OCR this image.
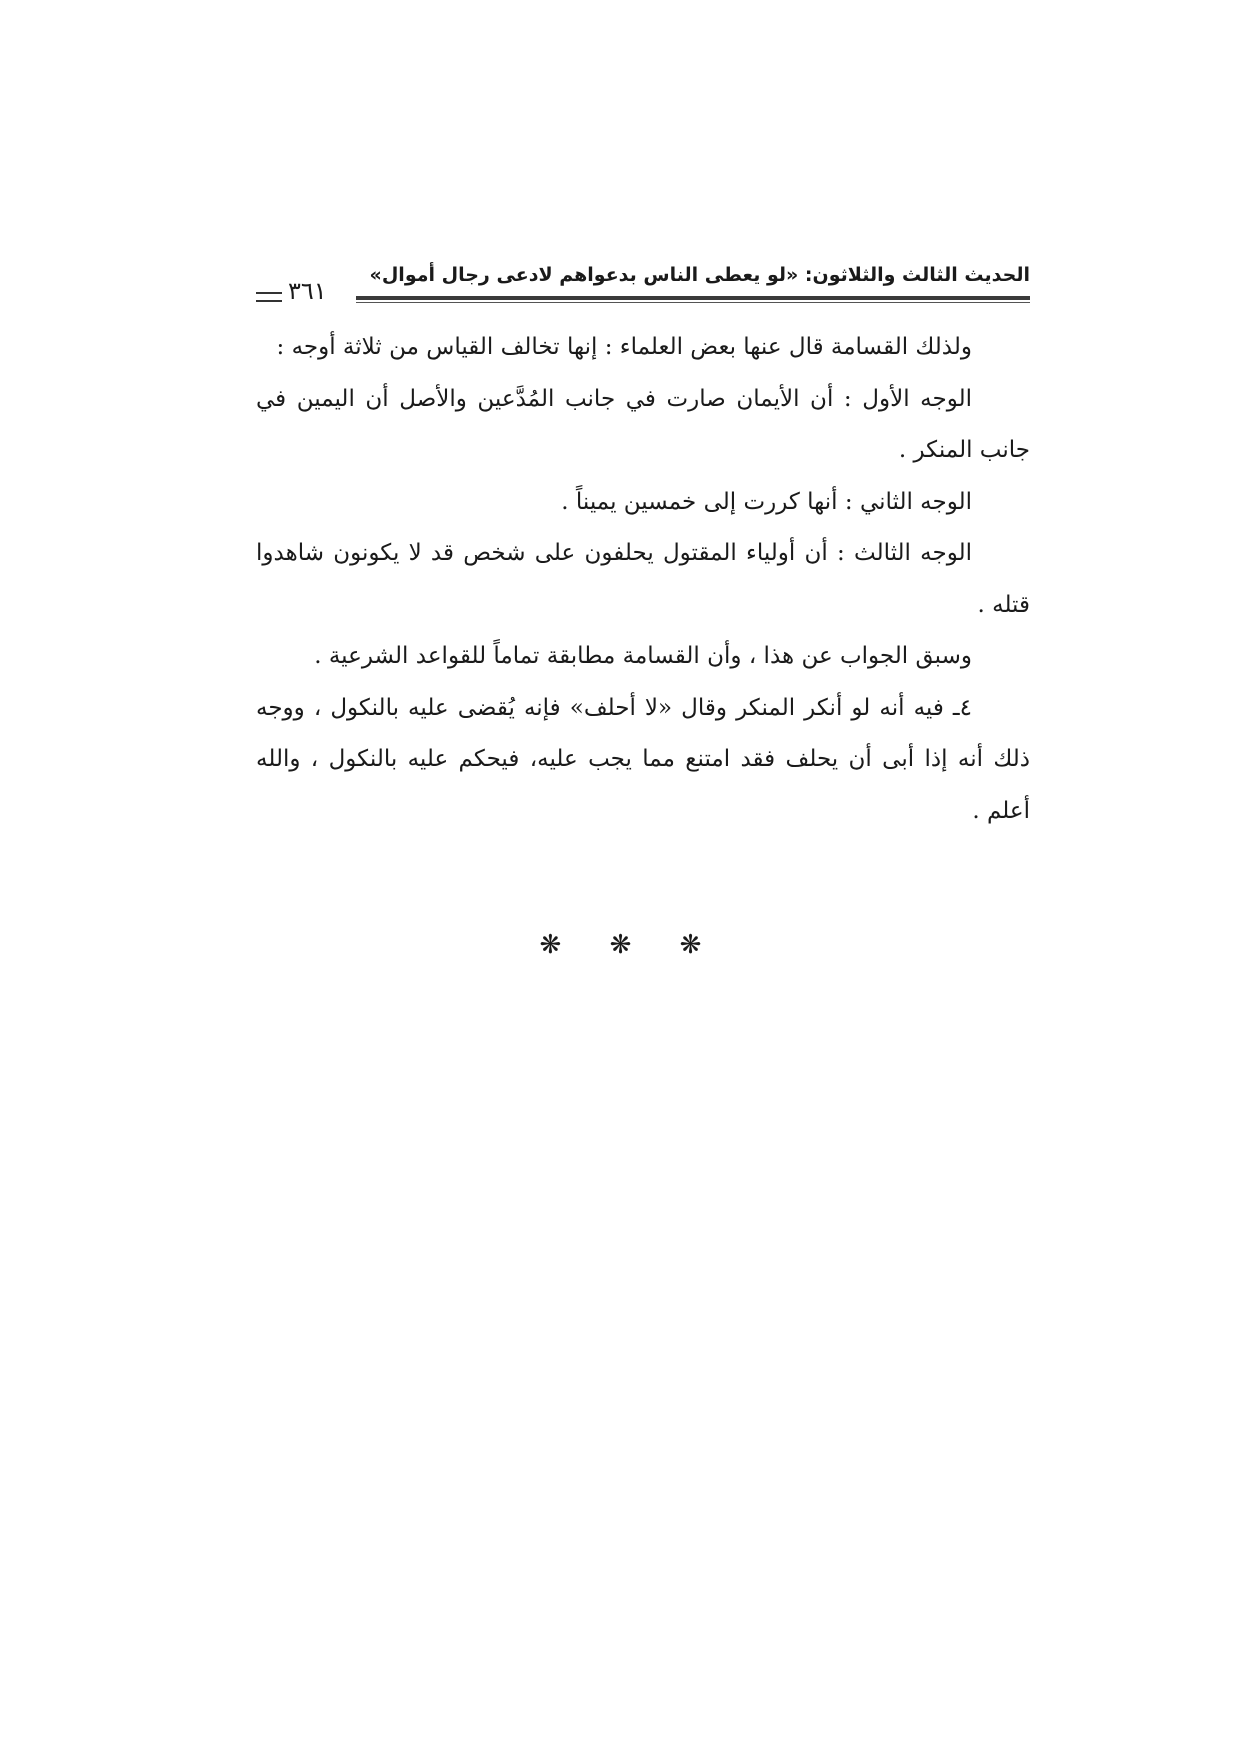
الحديث الثالث والثلاثون: «لو يعطى الناس بدعواهم لادعى رجال أموال»
٣٦١

ولذلك القسامة قال عنها بعض العلماء : إنها تخالف القياس من ثلاثة أوجه :

الوجه الأول : أن الأيمان صارت في جانب المُدَّعين والأصل أن اليمين في جانب المنكر .

الوجه الثاني : أنها كررت إلى خمسين يميناً .

الوجه الثالث : أن أولياء المقتول يحلفون على شخص قد لا يكونون شاهدوا قتله .

وسبق الجواب عن هذا ، وأن القسامة مطابقة تماماً للقواعد الشرعية .

٤ـ فيه أنه لو أنكر المنكر وقال «لا أحلف» فإنه يُقضى عليه بالنكول ، ووجه ذلك أنه إذا أبى أن يحلف فقد امتنع مما يجب عليه، فيحكم عليه بالنكول ، والله أعلم .

❋ ❋ ❋
